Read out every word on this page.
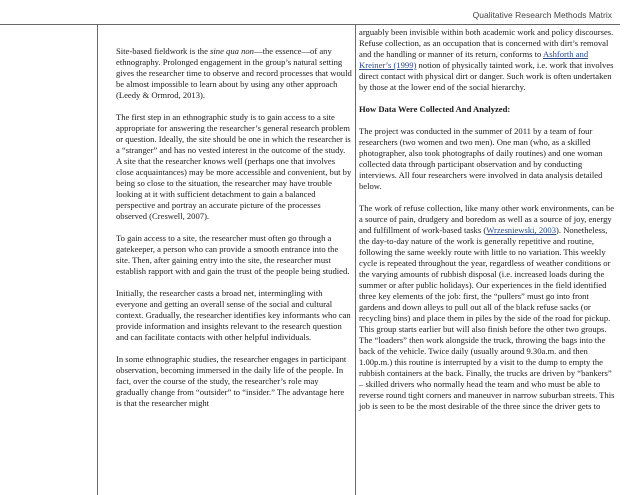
Qualitative Research Methods Matrix

Site-based fieldwork is the sine qua non—the essence—of any ethnography. Prolonged engagement in the group’s natural setting gives the researcher time to observe and record processes that would be almost impossible to learn about by using any other approach (Leedy & Ormrod, 2013).

The first step in an ethnographic study is to gain access to a site appropriate for answering the researcher’s general research problem or question. Ideally, the site should be one in which the researcher is a “stranger” and has no vested interest in the outcome of the study. A site that the researcher knows well (perhaps one that involves close acquaintances) may be more accessible and convenient, but by being so close to the situation, the researcher may have trouble looking at it with sufficient detachment to gain a balanced perspective and portray an accurate picture of the processes observed (Creswell, 2007).

To gain access to a site, the researcher must often go through a gatekeeper, a person who can provide a smooth entrance into the site. Then, after gaining entry into the site, the researcher must establish rapport with and gain the trust of the people being studied.

Initially, the researcher casts a broad net, intermingling with everyone and getting an overall sense of the social and cultural context. Gradually, the researcher identifies key informants who can provide information and insights relevant to the research question and can facilitate contacts with other helpful individuals.

In some ethnographic studies, the researcher engages in participant observation, becoming immersed in the daily life of the people. In fact, over the course of the study, the researcher’s role may gradually change from “outsider” to “insider.” The advantage here is that the researcher might

arguably been invisible within both academic work and policy discourses. Refuse collection, as an occupation that is concerned with dirt’s removal and the handling or manner of its return, conforms to Ashforth and Kreiner’s (1999) notion of physically tainted work, i.e. work that involves direct contact with physical dirt or danger. Such work is often undertaken by those at the lower end of the social hierarchy.

How Data Were Collected And Analyzed:

The project was conducted in the summer of 2011 by a team of four researchers (two women and two men). One man (who, as a skilled photographer, also took photographs of daily routines) and one woman collected data through participant observation and by conducting interviews. All four researchers were involved in data analysis detailed below.

The work of refuse collection, like many other work environments, can be a source of pain, drudgery and boredom as well as a source of joy, energy and fulfillment of work-based tasks (Wrzesniewski, 2003). Nonetheless, the day-to-day nature of the work is generally repetitive and routine, following the same weekly route with little to no variation. This weekly cycle is repeated throughout the year, regardless of weather conditions or the varying amounts of rubbish disposal (i.e. increased loads during the summer or after public holidays). Our experiences in the field identified three key elements of the job: first, the “pullers” must go into front gardens and down alleys to pull out all of the black refuse sacks (or recycling bins) and place them in piles by the side of the road for pickup. This group starts earlier but will also finish before the other two groups. The “loaders” then work alongside the truck, throwing the bags into the back of the vehicle. Twice daily (usually around 9.30a.m. and then 1.00p.m.) this routine is interrupted by a visit to the dump to empty the rubbish containers at the back. Finally, the trucks are driven by “bankers” – skilled drivers who normally head the team and who must be able to reverse round tight corners and maneuver in narrow suburban streets. This job is seen to be the most desirable of the three since the driver gets to
